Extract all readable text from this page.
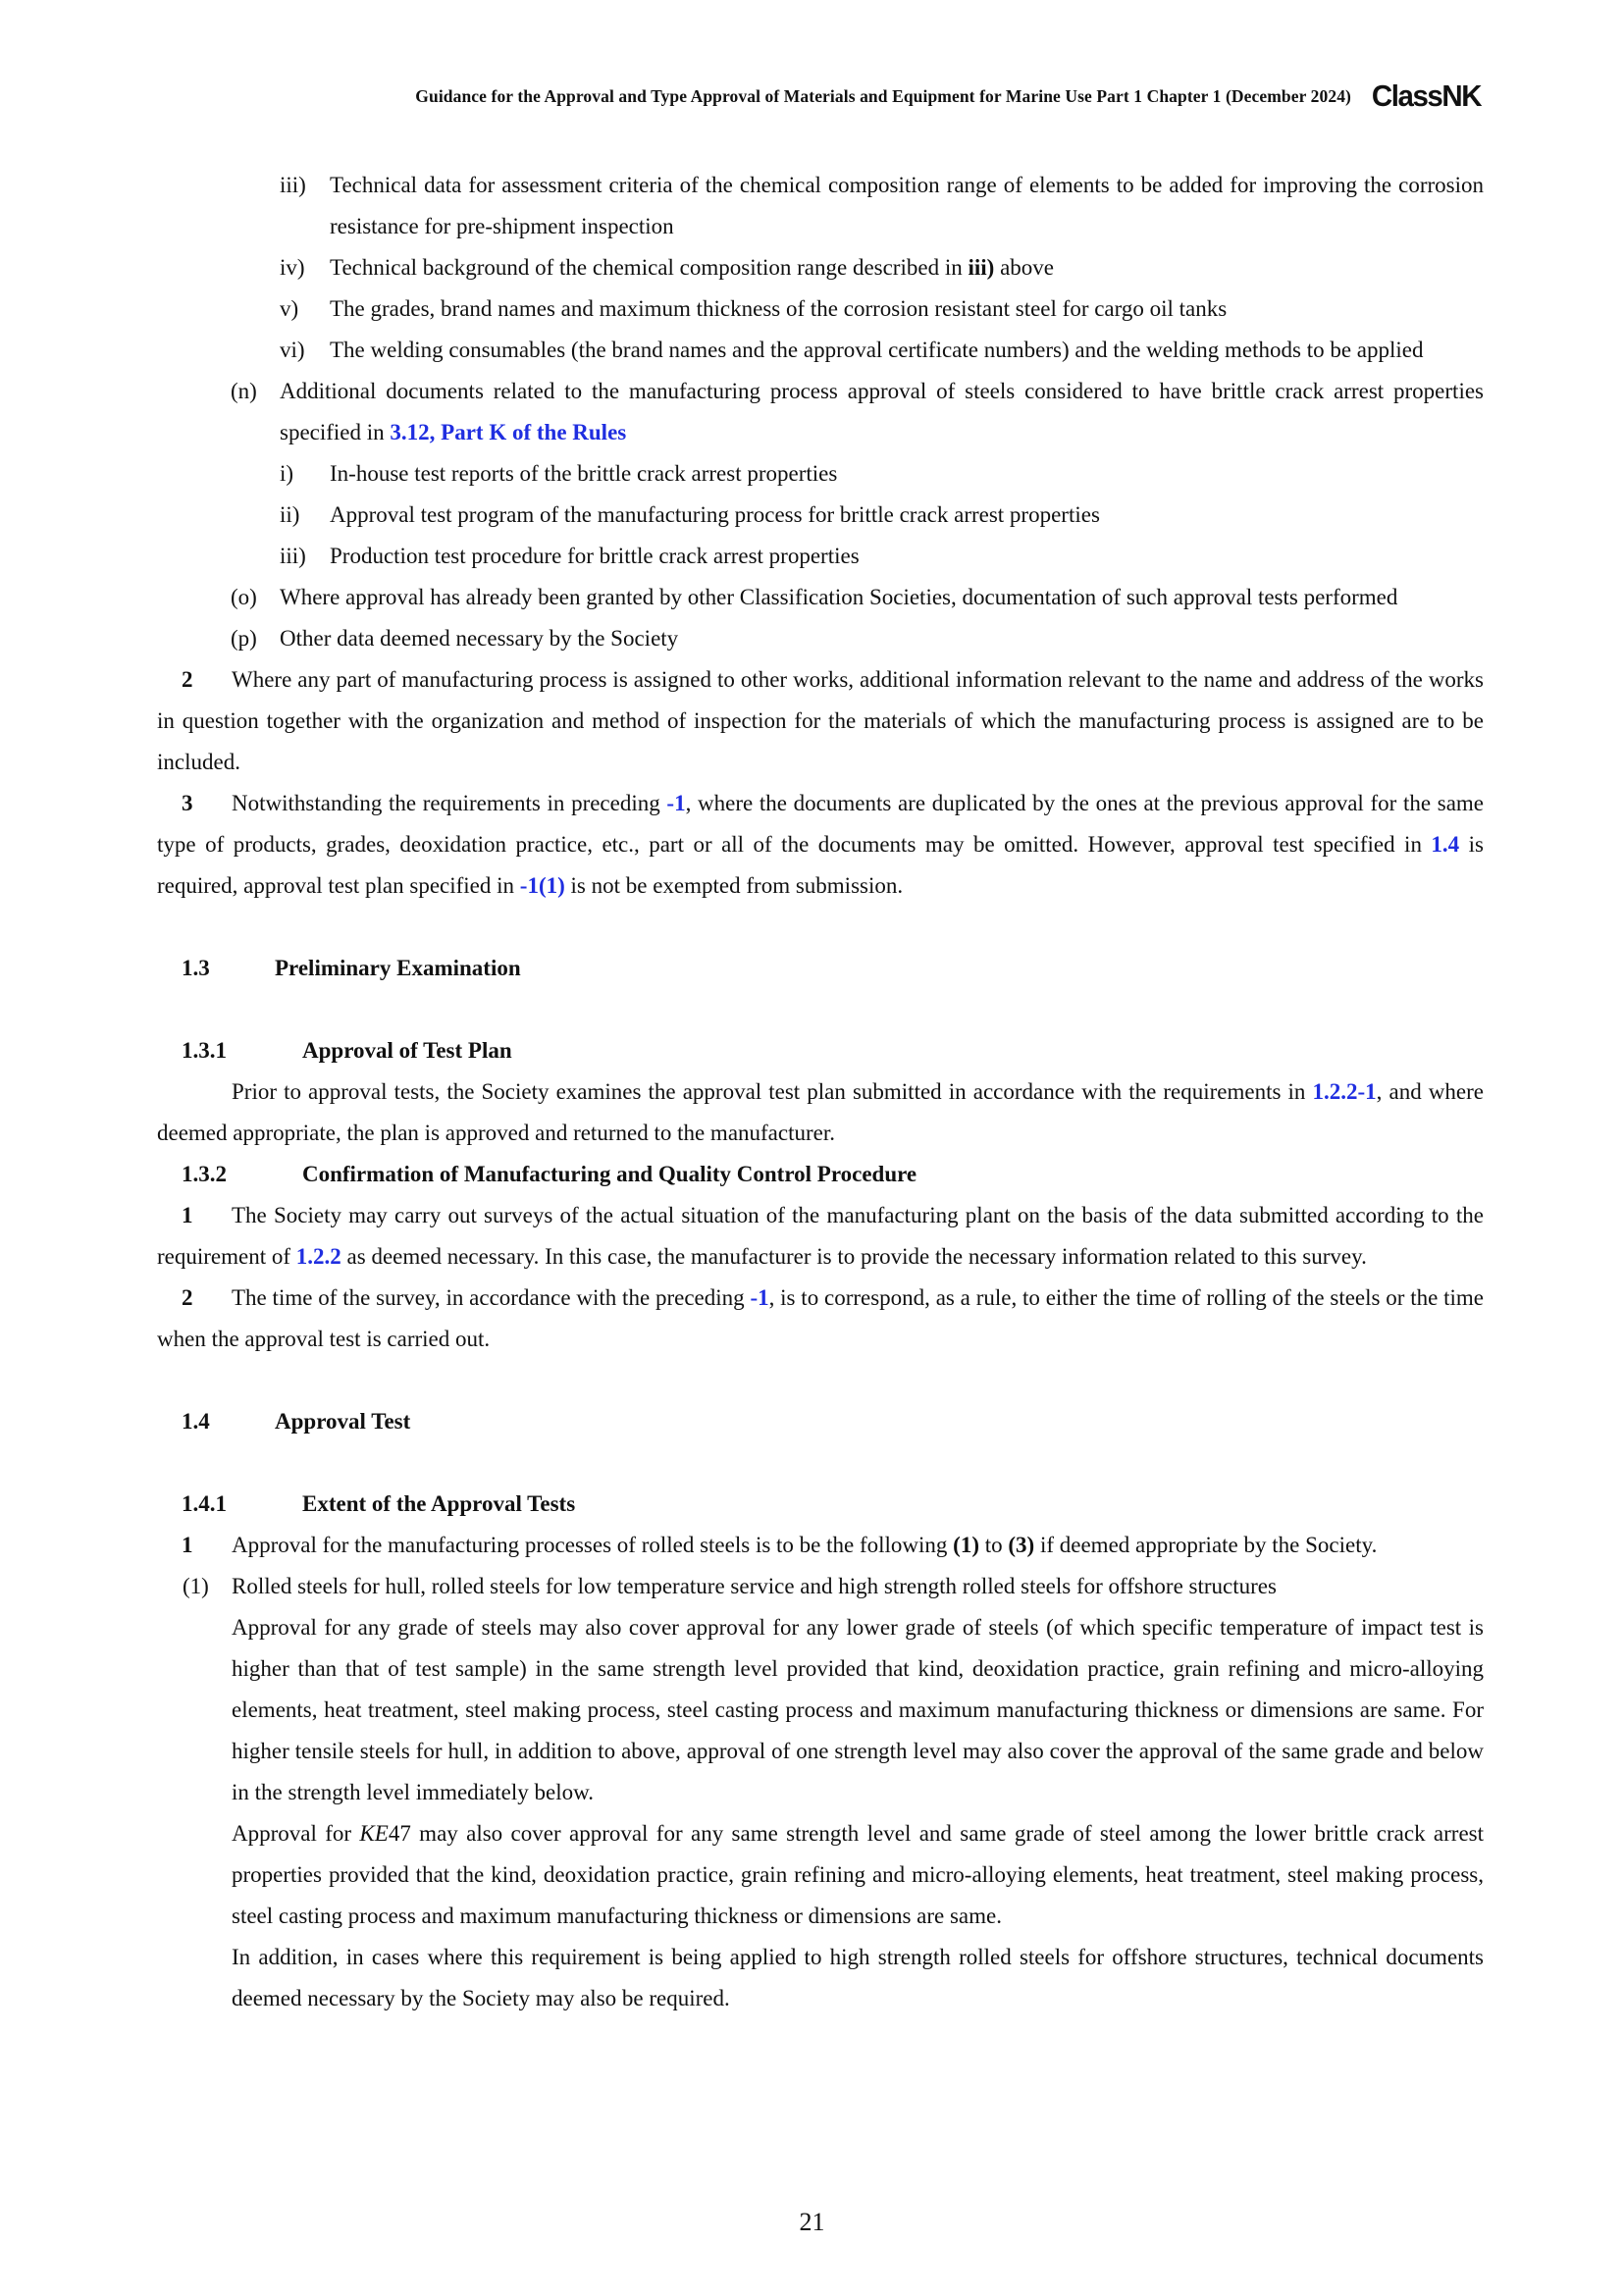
Guidance for the Approval and Type Approval of Materials and Equipment for Marine Use Part 1 Chapter 1 (December 2024) ClassNK
iii) Technical data for assessment criteria of the chemical composition range of elements to be added for improving the corrosion resistance for pre-shipment inspection
iv) Technical background of the chemical composition range described in iii) above
v) The grades, brand names and maximum thickness of the corrosion resistant steel for cargo oil tanks
vi) The welding consumables (the brand names and the approval certificate numbers) and the welding methods to be applied
(n) Additional documents related to the manufacturing process approval of steels considered to have brittle crack arrest properties specified in 3.12, Part K of the Rules
i) In-house test reports of the brittle crack arrest properties
ii) Approval test program of the manufacturing process for brittle crack arrest properties
iii) Production test procedure for brittle crack arrest properties
(o) Where approval has already been granted by other Classification Societies, documentation of such approval tests performed
(p) Other data deemed necessary by the Society

2 Where any part of manufacturing process is assigned to other works, additional information relevant to the name and address of the works in question together with the organization and method of inspection for the materials of which the manufacturing process is assigned are to be included.

3 Notwithstanding the requirements in preceding -1, where the documents are duplicated by the ones at the previous approval for the same type of products, grades, deoxidation practice, etc., part or all of the documents may be omitted. However, approval test specified in 1.4 is required, approval test plan specified in -1(1) is not be exempted from submission.

1.3	Preliminary Examination

1.3.1	Approval of Test Plan

Prior to approval tests, the Society examines the approval test plan submitted in accordance with the requirements in 1.2.2-1, and where deemed appropriate, the plan is approved and returned to the manufacturer.

1.3.2	Confirmation of Manufacturing and Quality Control Procedure

1 The Society may carry out surveys of the actual situation of the manufacturing plant on the basis of the data submitted according to the requirement of 1.2.2 as deemed necessary. In this case, the manufacturer is to provide the necessary information related to this survey.

2 The time of the survey, in accordance with the preceding -1, is to correspond, as a rule, to either the time of rolling of the steels or the time when the approval test is carried out.

1.4	Approval Test

1.4.1	Extent of the Approval Tests

1 Approval for the manufacturing processes of rolled steels is to be the following (1) to (3) if deemed appropriate by the Society.

(1) Rolled steels for hull, rolled steels for low temperature service and high strength rolled steels for offshore structures

Approval for any grade of steels may also cover approval for any lower grade of steels (of which specific temperature of impact test is higher than that of test sample) in the same strength level provided that kind, deoxidation practice, grain refining and micro-alloying elements, heat treatment, steel making process, steel casting process and maximum manufacturing thickness or dimensions are same. For higher tensile steels for hull, in addition to above, approval of one strength level may also cover the approval of the same grade and below in the strength level immediately below.

Approval for KE47 may also cover approval for any same strength level and same grade of steel among the lower brittle crack arrest properties provided that the kind, deoxidation practice, grain refining and micro-alloying elements, heat treatment, steel making process, steel casting process and maximum manufacturing thickness or dimensions are same.

In addition, in cases where this requirement is being applied to high strength rolled steels for offshore structures, technical documents deemed necessary by the Society may also be required.

21
